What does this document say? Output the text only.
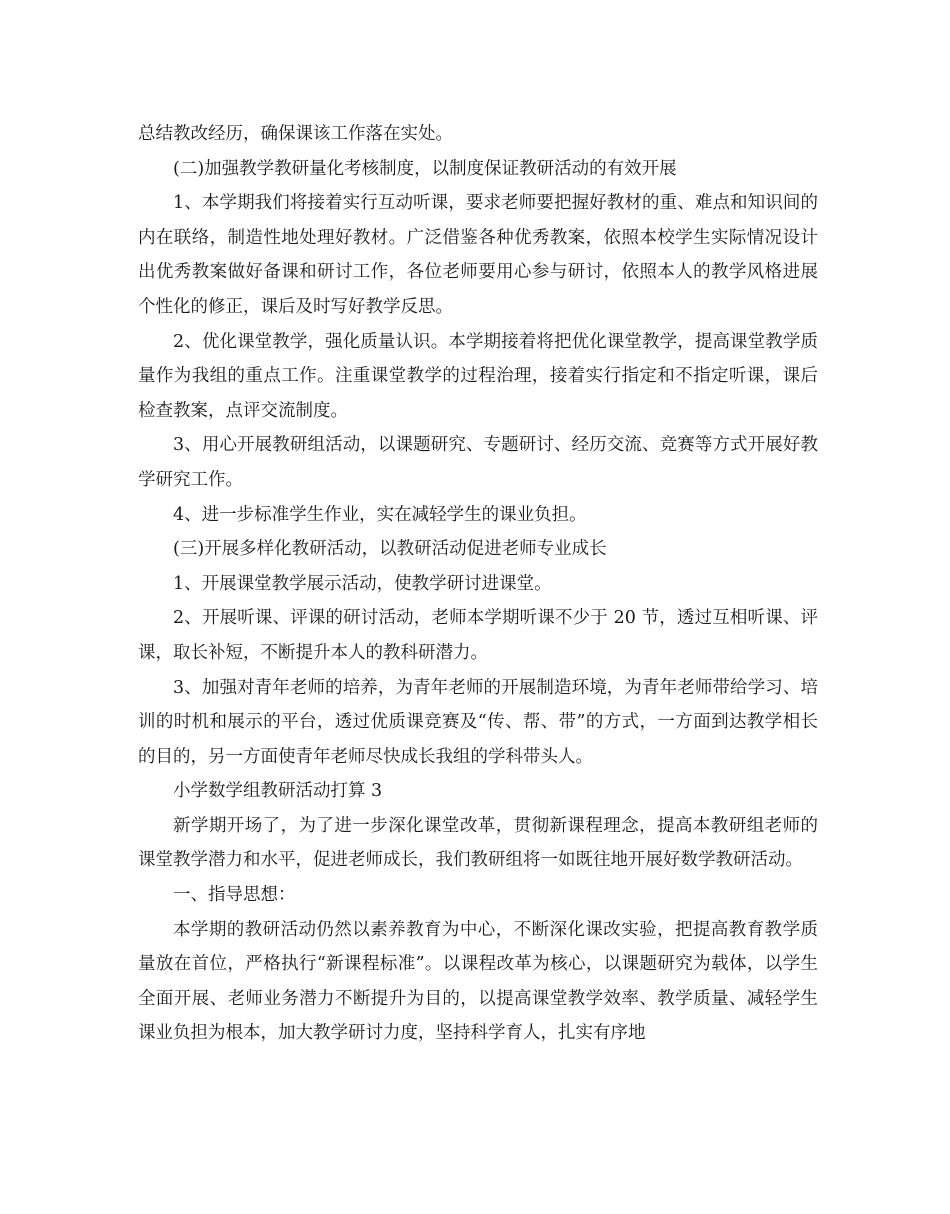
总结教改经历，确保课该工作落在实处。

(二)加强教学教研量化考核制度，以制度保证教研活动的有效开展

1、本学期我们将接着实行互动听课，要求老师要把握好教材的重、难点和知识间的内在联络，制造性地处理好教材。广泛借鉴各种优秀教案，依照本校学生实际情况设计出优秀教案做好备课和研讨工作，各位老师要用心参与研讨，依照本人的教学风格进展个性化的修正，课后及时写好教学反思。

2、优化课堂教学，强化质量认识。本学期接着将把优化课堂教学，提高课堂教学质量作为我组的重点工作。注重课堂教学的过程治理，接着实行指定和不指定听课，课后检查教案，点评交流制度。

3、用心开展教研组活动，以课题研究、专题研讨、经历交流、竞赛等方式开展好教学研究工作。

4、进一步标准学生作业，实在减轻学生的课业负担。

(三)开展多样化教研活动，以教研活动促进老师专业成长

1、开展课堂教学展示活动，使教学研讨进课堂。

2、开展听课、评课的研讨活动，老师本学期听课不少于 20 节，透过互相听课、评课，取长补短，不断提升本人的教科研潜力。

3、加强对青年老师的培养，为青年老师的开展制造环境，为青年老师带给学习、培训的时机和展示的平台，透过优质课竞赛及“传、帮、带”的方式，一方面到达教学相长的目的，另一方面使青年老师尽快成长我组的学科带头人。

小学数学组教研活动打算 3

新学期开场了，为了进一步深化课堂改革，贯彻新课程理念，提高本教研组老师的课堂教学潜力和水平，促进老师成长，我们教研组将一如既往地开展好数学教研活动。

一、指导思想：

本学期的教研活动仍然以素养教育为中心，不断深化课改实验，把提高教育教学质量放在首位，严格执行“新课程标准”。以课程改革为核心，以课题研究为载体，以学生全面开展、老师业务潜力不断提升为目的，以提高课堂教学效率、教学质量、减轻学生课业负担为根本，加大教学研讨力度，坚持科学育人，扎实有序地
